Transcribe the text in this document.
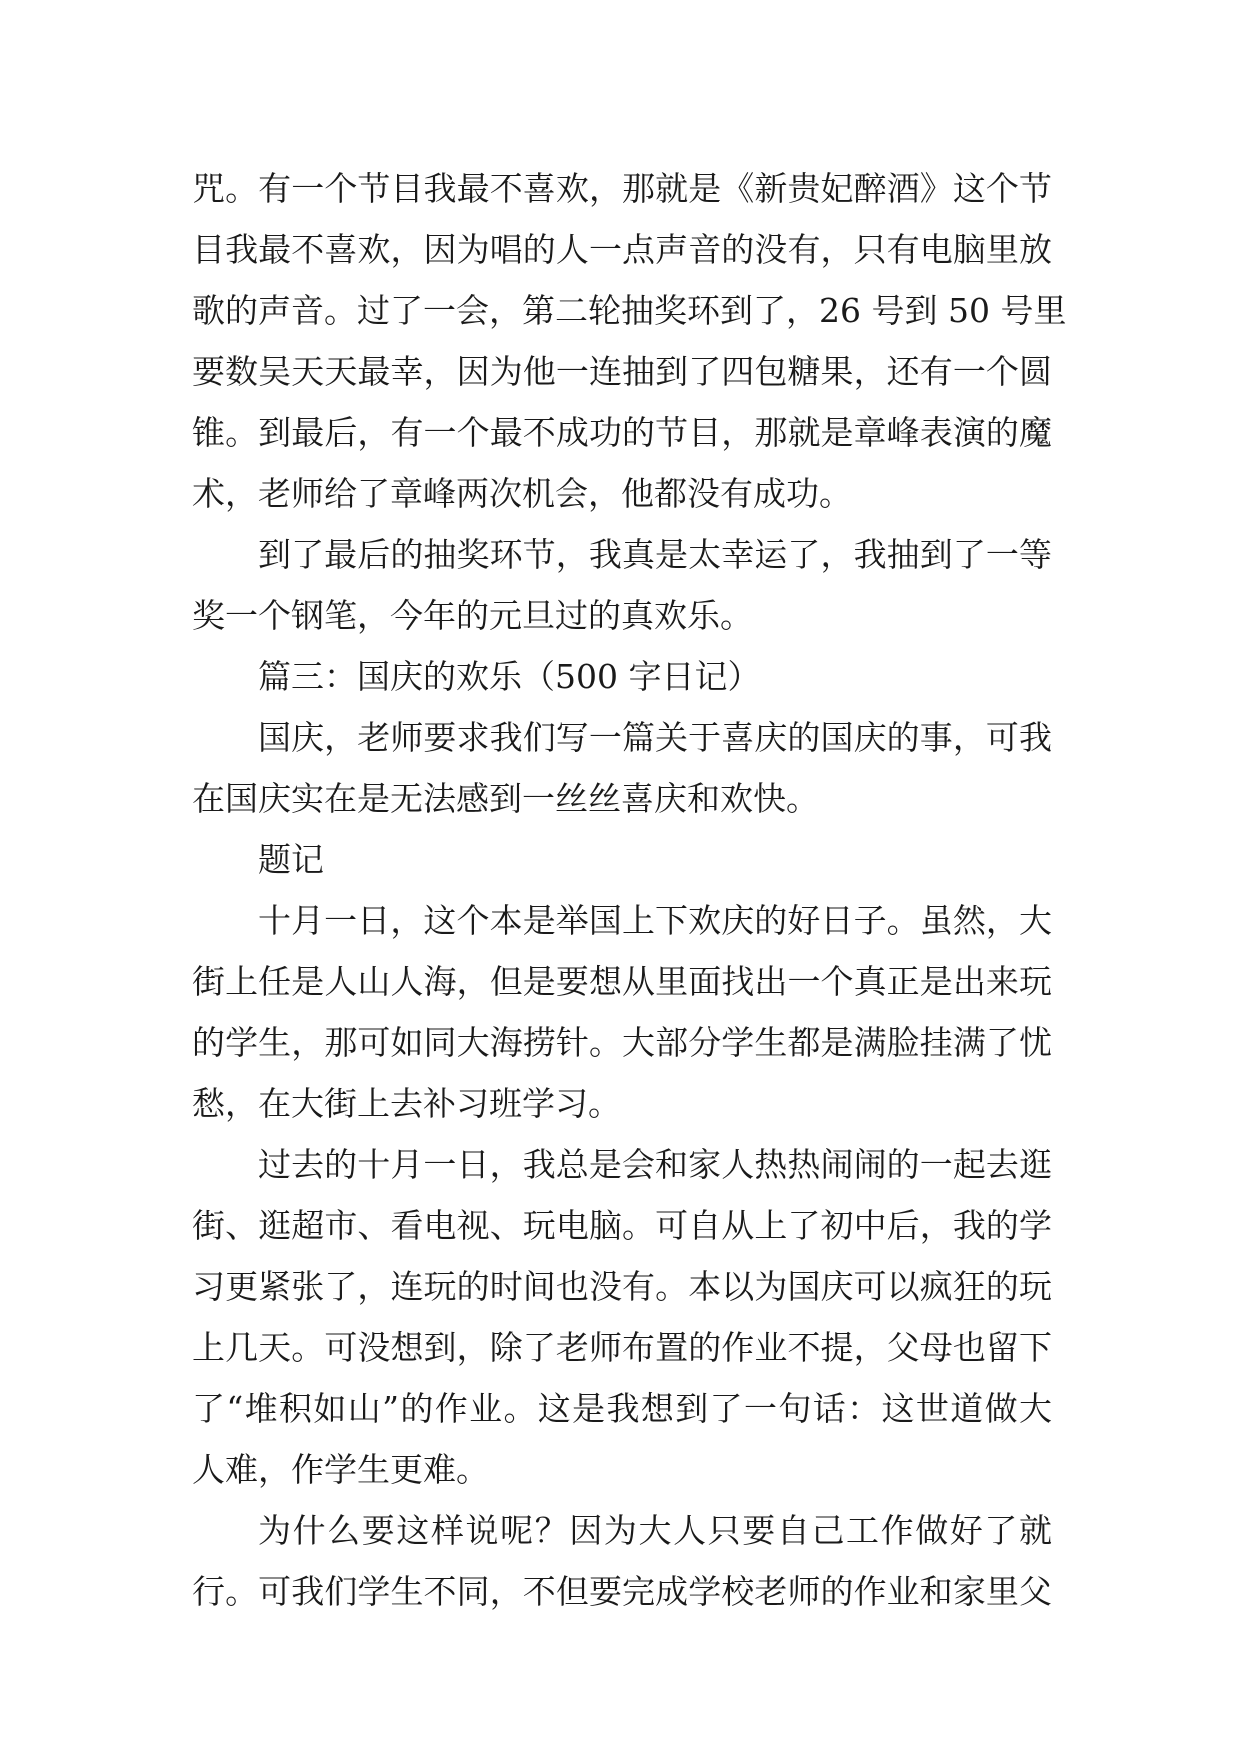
咒。有一个节目我最不喜欢，那就是《新贵妃醉酒》这个节
目我最不喜欢，因为唱的人一点声音的没有，只有电脑里放
歌的声音。过了一会，第二轮抽奖环到了，26 号到 50 号里
要数吴天天最幸，因为他一连抽到了四包糖果，还有一个圆
锥。到最后，有一个最不成功的节目，那就是章峰表演的魔
术，老师给了章峰两次机会，他都没有成功。
到了最后的抽奖环节，我真是太幸运了，我抽到了一等
奖一个钢笔，今年的元旦过的真欢乐。
篇三：国庆的欢乐（500 字日记）
国庆，老师要求我们写一篇关于喜庆的国庆的事，可我
在国庆实在是无法感到一丝丝喜庆和欢快。
题记
十月一日，这个本是举国上下欢庆的好日子。虽然，大
街上任是人山人海，但是要想从里面找出一个真正是出来玩
的学生，那可如同大海捞针。大部分学生都是满脸挂满了忧
愁，在大街上去补习班学习。
过去的十月一日，我总是会和家人热热闹闹的一起去逛
街、逛超市、看电视、玩电脑。可自从上了初中后，我的学
习更紧张了，连玩的时间也没有。本以为国庆可以疯狂的玩
上几天。可没想到，除了老师布置的作业不提，父母也留下
了“堆积如山”的作业。这是我想到了一句话：这世道做大
人难，作学生更难。
为什么要这样说呢？因为大人只要自己工作做好了就
行。可我们学生不同，不但要完成学校老师的作业和家里父
